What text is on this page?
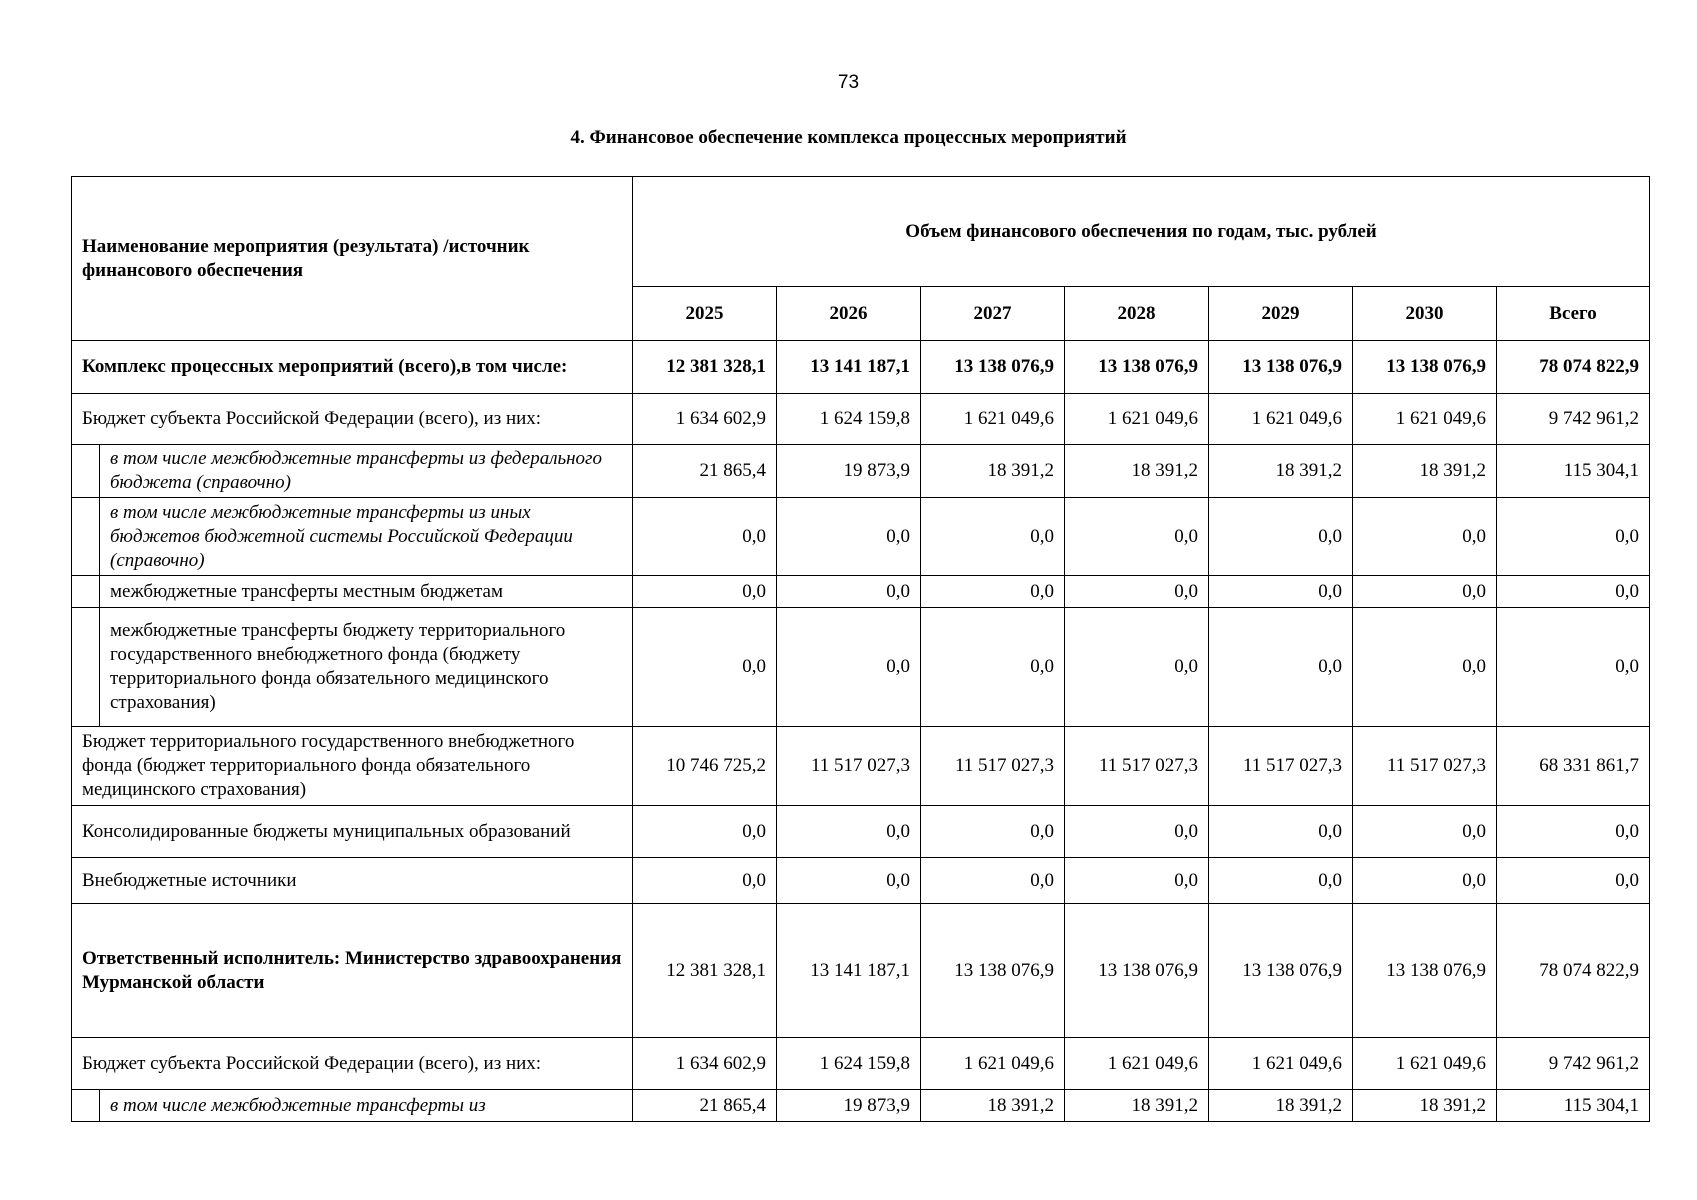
73
4. Финансовое обеспечение комплекса процессных мероприятий
Наименование мероприятия (результата) /источник финансового обеспечения		Объем финансового обеспечения по годам, тыс. рублей						
		2025	2026	2027	2028	2029	2030	Всего
Комплекс процессных мероприятий (всего),в том числе:		12 381 328,1	13 141 187,1	13 138 076,9	13 138 076,9	13 138 076,9	13 138 076,9	78 074 822,9
Бюджет субъекта Российской Федерации (всего), из них:		1 634 602,9	1 624 159,8	1 621 049,6	1 621 049,6	1 621 049,6	1 621 049,6	9 742 961,2
	в том числе межбюджетные трансферты из федерального бюджета (справочно)	21 865,4	19 873,9	18 391,2	18 391,2	18 391,2	18 391,2	115 304,1
	в том числе межбюджетные трансферты из иных бюджетов бюджетной системы Российской Федерации (справочно)	0,0	0,0	0,0	0,0	0,0	0,0	0,0
	межбюджетные трансферты местным бюджетам	0,0	0,0	0,0	0,0	0,0	0,0	0,0
	межбюджетные трансферты бюджету территориального государственного внебюджетного фонда (бюджету территориального фонда обязательного медицинского страхования)	0,0	0,0	0,0	0,0	0,0	0,0	0,0
Бюджет территориального государственного внебюджетного фонда (бюджет территориального фонда обязательного медицинского страхования)		10 746 725,2	11 517 027,3	11 517 027,3	11 517 027,3	11 517 027,3	11 517 027,3	68 331 861,7
Консолидированные бюджеты муниципальных образований		0,0	0,0	0,0	0,0	0,0	0,0	0,0
Внебюджетные источники		0,0	0,0	0,0	0,0	0,0	0,0	0,0
Ответственный исполнитель: Министерство здравоохранения Мурманской области		12 381 328,1	13 141 187,1	13 138 076,9	13 138 076,9	13 138 076,9	13 138 076,9	78 074 822,9
Бюджет субъекта Российской Федерации (всего), из них:		1 634 602,9	1 624 159,8	1 621 049,6	1 621 049,6	1 621 049,6	1 621 049,6	9 742 961,2
	в том числе межбюджетные трансферты из	21 865,4	19 873,9	18 391,2	18 391,2	18 391,2	18 391,2	115 304,1
